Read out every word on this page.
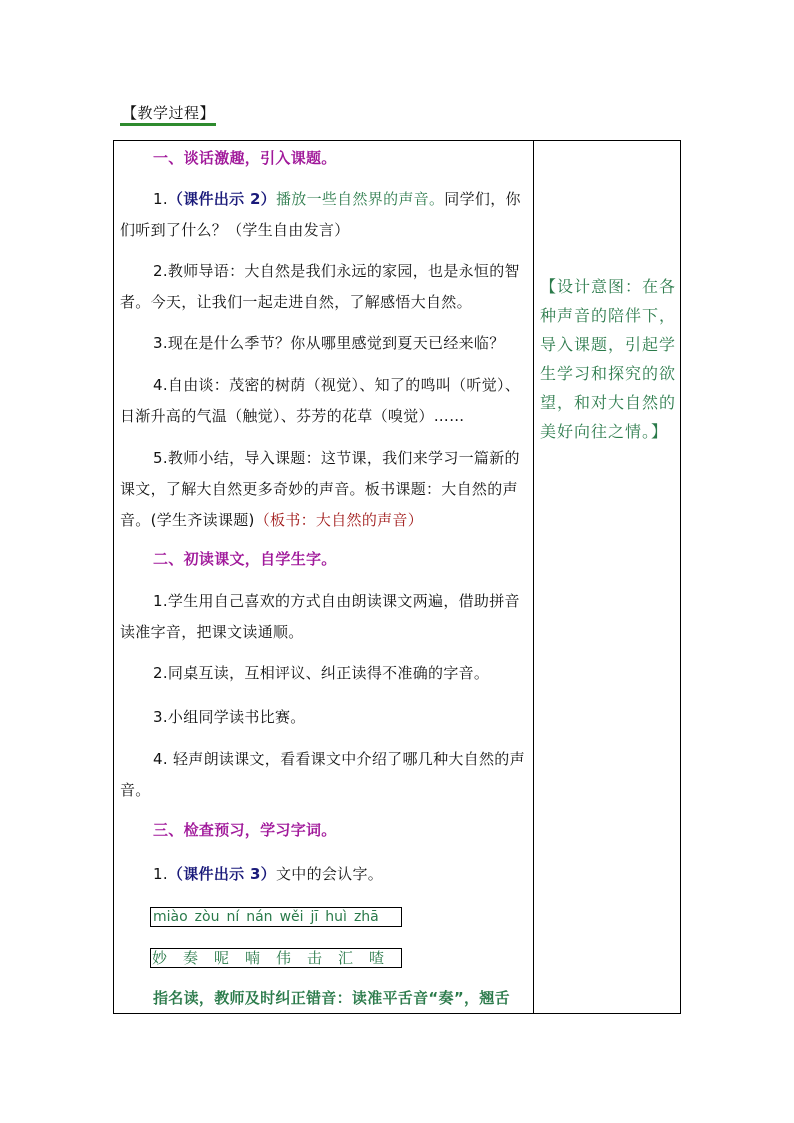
【教学过程】

一、谈话激趣，引入课题。
1.（课件出示 2）播放一些自然界的声音。同学们，你们听到了什么？（学生自由发言）
2.教师导语：大自然是我们永远的家园，也是永恒的智者。今天，让我们一起走进自然，了解感悟大自然。
3.现在是什么季节？你从哪里感觉到夏天已经来临？
4.自由谈：茂密的树荫（视觉）、知了的鸣叫（听觉）、日渐升高的气温（触觉）、芬芳的花草（嗅觉）……
5.教师小结，导入课题：这节课，我们来学习一篇新的课文，了解大自然更多奇妙的声音。板书课题：大自然的声音。(学生齐读课题)（板书：大自然的声音）
二、初读课文，自学生字。
1.学生用自己喜欢的方式自由朗读课文两遍，借助拼音读准字音，把课文读通顺。
2.同桌互读，互相评议、纠正读得不准确的字音。
3.小组同学读书比赛。
4. 轻声朗读课文，看看课文中介绍了哪几种大自然的声音。
三、检查预习，学习字词。
1.（课件出示 3）文中的会认字。
miào zòu ní nán wěi jī huì zhā
妙 奏 呢 喃 伟 击 汇 喳
指名读，教师及时纠正错音：读准平舌音“奏”，翘舌
【设计意图：在各种声音的陪伴下，导入课题，引起学生学习和探究的欲望，和对大自然的美好向往之情。】
